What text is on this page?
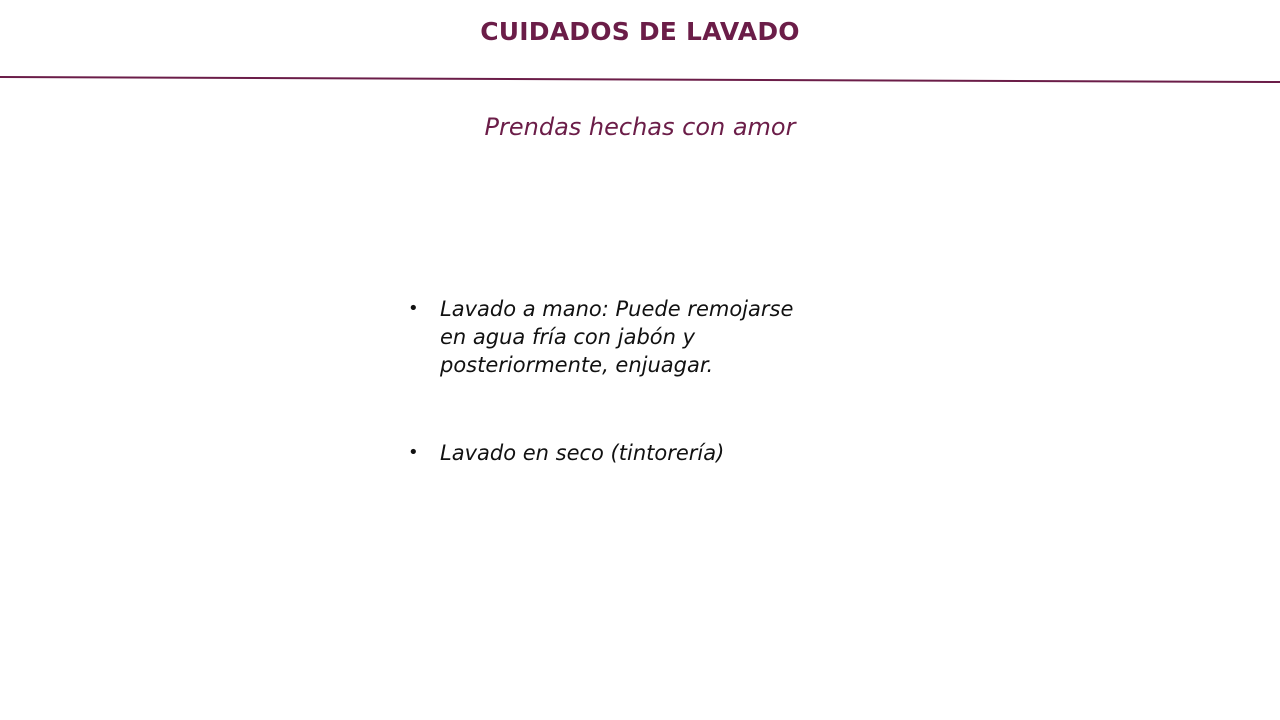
CUIDADOS DE LAVADO

Prendas hechas con amor

•	Lavado a mano: Puede remojarse
en agua fría con jabón y
posteriormente, enjuagar.
•	Lavado en seco (tintorería)
